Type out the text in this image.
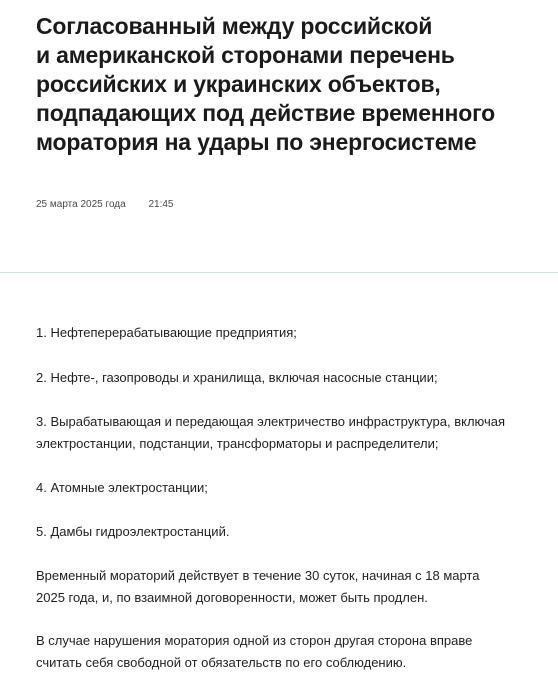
Согласованный между российской
и американской сторонами перечень
российских и украинских объектов,
подпадающих под действие временного
моратория на удары по энергосистеме
25 марта 2025 года 21:45

1. Нефтеперерабатывающие предприятия;

2. Нефте-, газопроводы и хранилища, включая насосные станции;

3. Вырабатывающая и передающая электричество инфраструктура, включая
электростанции, подстанции, трансформаторы и распределители;

4. Атомные электростанции;

5. Дамбы гидроэлектростанций.

Временный мораторий действует в течение 30 суток, начиная с 18 марта
2025 года, и, по взаимной договоренности, может быть продлен.

В случае нарушения моратория одной из сторон другая сторона вправе
считать себя свободной от обязательств по его соблюдению.
